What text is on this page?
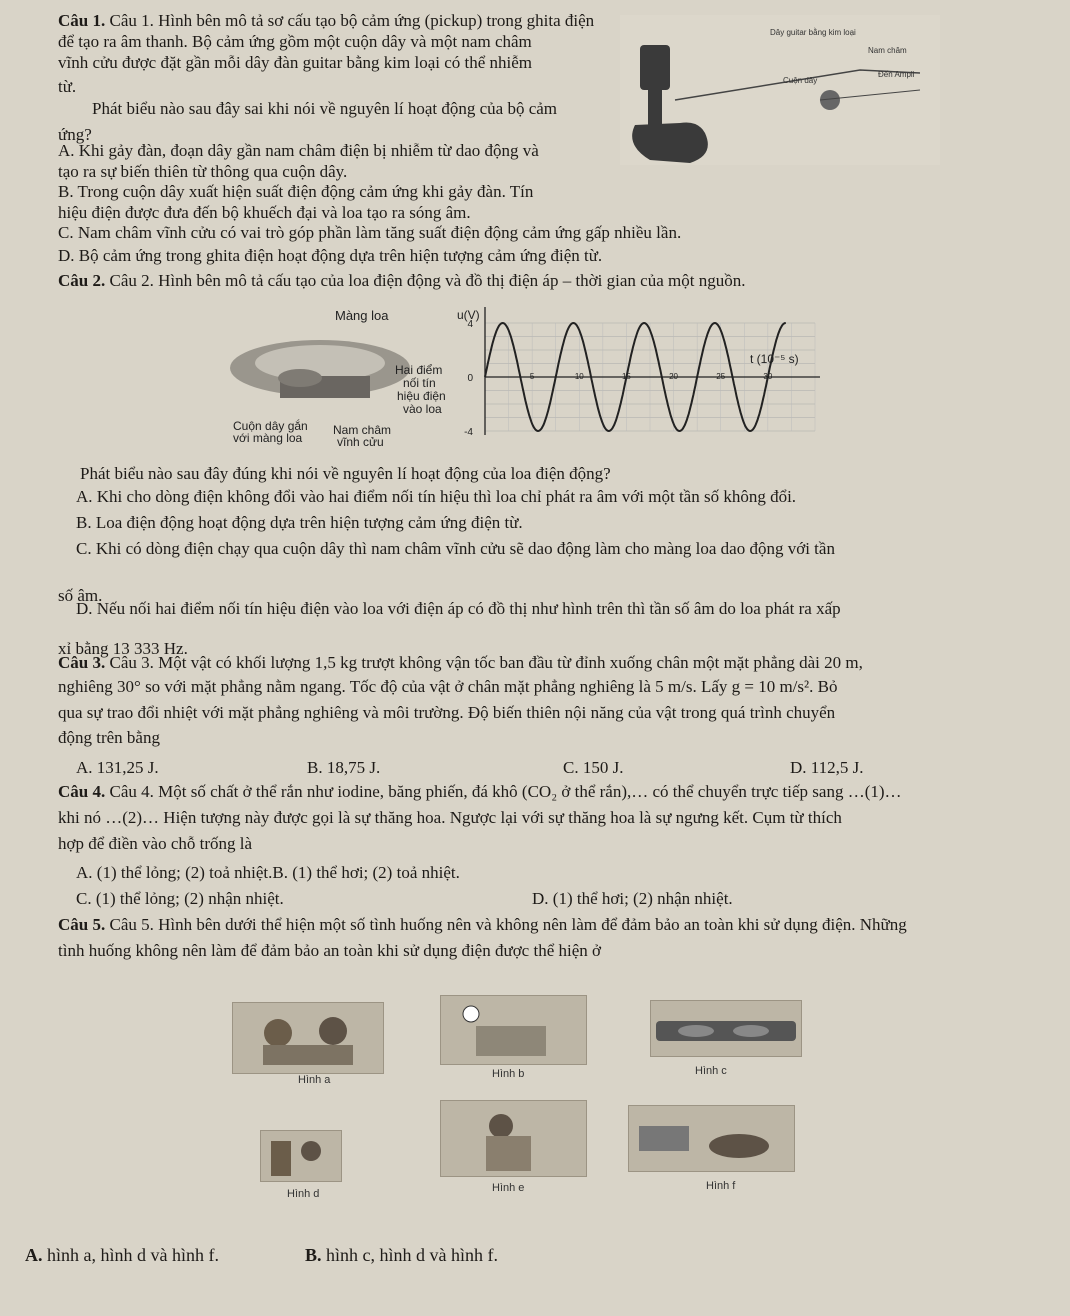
Câu 1. Câu 1. Hình bên mô tả sơ cấu tạo bộ cảm ứng (pickup) trong ghita điện
để tạo ra âm thanh. Bộ cảm ứng gồm một cuộn dây và một nam châm
vĩnh cửu được đặt gần mỗi dây đàn guitar bằng kim loại có thể nhiễm
từ.
Phát biểu nào sau đây sai khi nói về nguyên lí hoạt động của bộ cảm
ứng?
A. Khi gảy đàn, đoạn dây gần nam châm điện bị nhiễm từ dao động và
tạo ra sự biến thiên từ thông qua cuộn dây.
B. Trong cuộn dây xuất hiện suất điện động cảm ứng khi gảy đàn. Tín
hiệu điện được đưa đến bộ khuếch đại và loa tạo ra sóng âm.
C. Nam châm vĩnh cửu có vai trò góp phần làm tăng suất điện động cảm ứng gấp nhiều lần.
D. Bộ cảm ứng trong ghita điện hoạt động dựa trên hiện tượng cảm ứng điện từ.
Dây guitar bằng kim loại
Nam châm
Cuộn dây
Đến Ampli
Câu 2. Câu 2. Hình bên mô tả cấu tạo của loa điện động và đồ thị điện áp – thời gian của một nguồn.
Màng loa
Hai điểm
nối tín
hiệu điện
vào loa
Cuộn dây gắn
với màng loa
Nam châm
vĩnh cửu
4
0
-4
5	10	15	20	25	30
u(V)
t (10⁻⁵ s)
Phát biểu nào sau đây đúng khi nói về nguyên lí hoạt động của loa điện động?
A. Khi cho dòng điện không đổi vào hai điểm nối tín hiệu thì loa chỉ phát ra âm với một tần số không đổi.
B. Loa điện động hoạt động dựa trên hiện tượng cảm ứng điện từ.
C. Khi có dòng điện chạy qua cuộn dây thì nam châm vĩnh cửu sẽ dao động làm cho màng loa dao động với tần
số âm.
D. Nếu nối hai điểm nối tín hiệu điện vào loa với điện áp có đồ thị như hình trên thì tần số âm do loa phát ra xấp
xỉ bằng 13 333 Hz.
Câu 3. Câu 3. Một vật có khối lượng 1,5 kg trượt không vận tốc ban đầu từ đỉnh xuống chân một mặt phẳng dài 20 m,
nghiêng 30° so với mặt phẳng nằm ngang. Tốc độ của vật ở chân mặt phẳng nghiêng là 5 m/s. Lấy g = 10 m/s². Bỏ
qua sự trao đổi nhiệt với mặt phẳng nghiêng và môi trường. Độ biến thiên nội năng của vật trong quá trình chuyển
động trên bằng
A. 131,25 J.	B. 18,75 J.	C. 150 J.	D. 112,5 J.
Câu 4. Câu 4. Một số chất ở thể rắn như iodine, băng phiến, đá khô (CO₂ ở thể rắn),… có thể chuyển trực tiếp sang …(1)…
khi nó …(2)… Hiện tượng này được gọi là sự thăng hoa. Ngược lại với sự thăng hoa là sự ngưng kết. Cụm từ thích
hợp để điền vào chỗ trống là
A. (1) thể lỏng; (2) toả nhiệt.B. (1) thể hơi; (2) toả nhiệt.
C. (1) thể lỏng; (2) nhận nhiệt.	D. (1) thể hơi; (2) nhận nhiệt.
Câu 5. Câu 5. Hình bên dưới thể hiện một số tình huống nên và không nên làm để đảm bảo an toàn khi sử dụng điện. Những
tình huống không nên làm để đảm bảo an toàn khi sử dụng điện được thể hiện ở
Hình a	Hình b	Hình c
Hình d	Hình e	Hình f
A. hình a, hình d và hình f.	B. hình c, hình d và hình f.
